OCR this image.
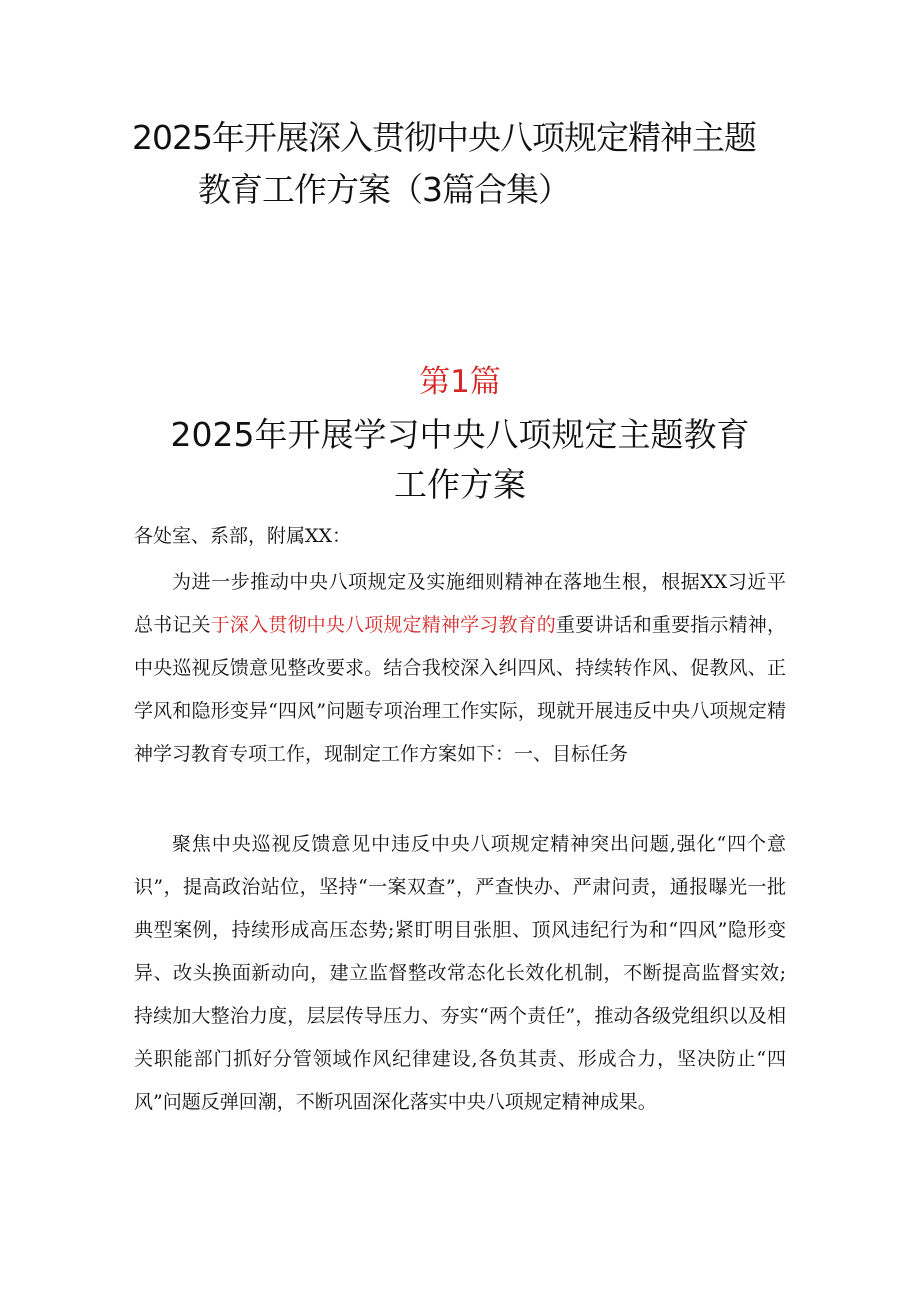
2025年开展深入贯彻中央八项规定精神主题
教育工作方案（3篇合集）
第1篇
2025年开展学习中央八项规定主题教育
工作方案
各处室、系部，附属XX：
为进一步推动中央八项规定及实施细则精神在落地生根，根据XX习近平总书记关于深入贯彻中央八项规定精神学习教育的重要讲话和重要指示精神，中央巡视反馈意见整改要求。结合我校深入纠四风、持续转作风、促教风、正学风和隐形变异“四风”问题专项治理工作实际，现就开展违反中央八项规定精神学习教育专项工作，现制定工作方案如下：一、目标任务
聚焦中央巡视反馈意见中违反中央八项规定精神突出问题,强化“四个意识”，提高政治站位，坚持“一案双查”，严查快办、严肃问责，通报曝光一批典型案例，持续形成高压态势;紧盯明目张胆、顶风违纪行为和“四风”隐形变异、改头换面新动向，建立监督整改常态化长效化机制，不断提高监督实效;持续加大整治力度，层层传导压力、夯实“两个责任”，推动各级党组织以及相关职能部门抓好分管领域作风纪律建设,各负其责、形成合力，坚决防止“四风”问题反弹回潮，不断巩固深化落实中央八项规定精神成果。
